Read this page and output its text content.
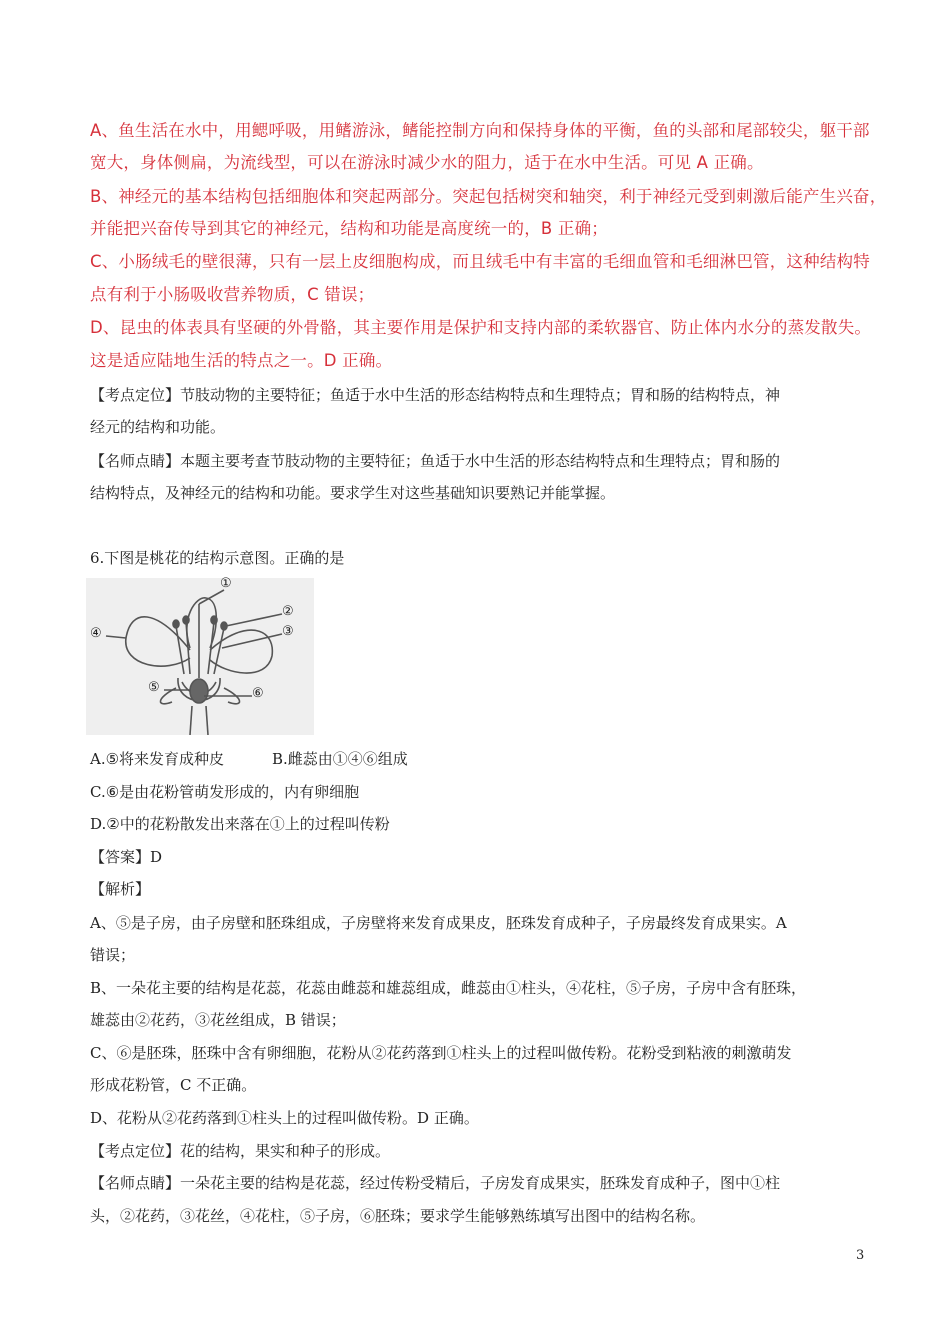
A、鱼生活在水中，用鳃呼吸，用鳍游泳，鳍能控制方向和保持身体的平衡，鱼的头部和尾部较尖，躯干部
宽大，身体侧扁，为流线型，可以在游泳时减少水的阻力，适于在水中生活。可见 A 正确。
B、神经元的基本结构包括细胞体和突起两部分。突起包括树突和轴突，利于神经元受到刺激后能产生兴奋，
并能把兴奋传导到其它的神经元，结构和功能是高度统一的，B 正确；
C、小肠绒毛的壁很薄，只有一层上皮细胞构成，而且绒毛中有丰富的毛细血管和毛细淋巴管，这种结构特
点有利于小肠吸收营养物质，C 错误；
D、昆虫的体表具有坚硬的外骨骼，其主要作用是保护和支持内部的柔软器官、防止体内水分的蒸发散失。
这是适应陆地生活的特点之一。D 正确。
【考点定位】节肢动物的主要特征；鱼适于水中生活的形态结构特点和生理特点；胃和肠的结构特点，神
经元的结构和功能。
【名师点睛】本题主要考查节肢动物的主要特征；鱼适于水中生活的形态结构特点和生理特点；胃和肠的
结构特点，及神经元的结构和功能。要求学生对这些基础知识要熟记并能掌握。
6.下图是桃花的结构示意图。正确的是
①
②
③
④
⑤	⑥
A.⑤将来发育成种皮	B.雌蕊由①④⑥组成
C.⑥是由花粉管萌发形成的，内有卵细胞
D.②中的花粉散发出来落在①上的过程叫传粉
【答案】D
【解析】
A、⑤是子房，由子房壁和胚珠组成，子房壁将来发育成果皮，胚珠发育成种子，子房最终发育成果实。A
错误；
B、一朵花主要的结构是花蕊，花蕊由雌蕊和雄蕊组成，雌蕊由①柱头，④花柱，⑤子房，子房中含有胚珠，
雄蕊由②花药，③花丝组成，B 错误；
C、⑥是胚珠，胚珠中含有卵细胞，花粉从②花药落到①柱头上的过程叫做传粉。花粉受到粘液的刺激萌发
形成花粉管，C 不正确。
D、花粉从②花药落到①柱头上的过程叫做传粉。D 正确。
【考点定位】花的结构，果实和种子的形成。
【名师点睛】一朵花主要的结构是花蕊，经过传粉受精后，子房发育成果实，胚珠发育成种子，图中①柱
头，②花药，③花丝，④花柱，⑤子房，⑥胚珠；要求学生能够熟练填写出图中的结构名称。
3
